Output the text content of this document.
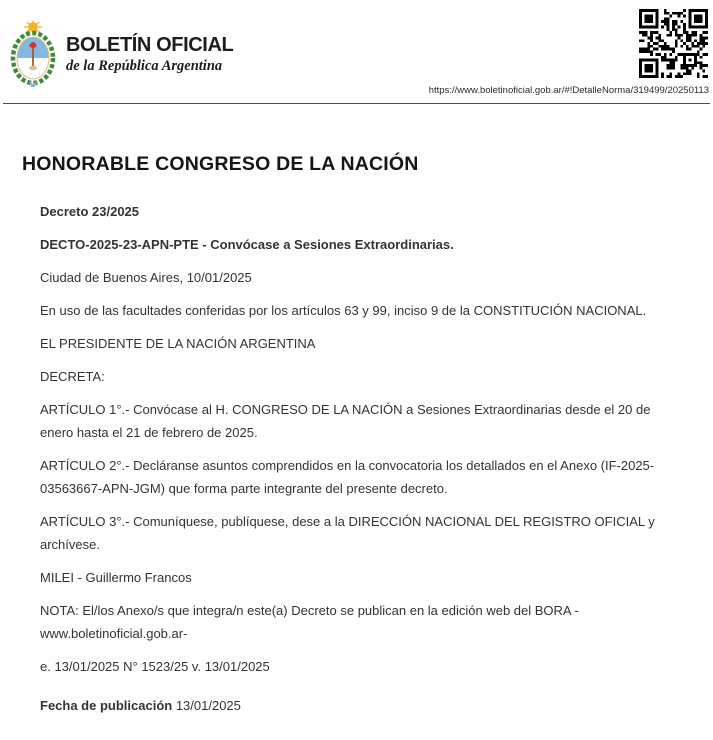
BOLETÍN OFICIAL
de la República Argentina
https://www.boletinoficial.gob.ar/#!DetalleNorma/319499/20250113
HONORABLE CONGRESO DE LA NACIÓN

Decreto 23/2025

DECTO-2025-23-APN-PTE - Convócase a Sesiones Extraordinarias.

Ciudad de Buenos Aires, 10/01/2025

En uso de las facultades conferidas por los artículos 63 y 99, inciso 9 de la CONSTITUCIÓN NACIONAL.

EL PRESIDENTE DE LA NACIÓN ARGENTINA

DECRETA:

ARTÍCULO 1°.- Convócase al H. CONGRESO DE LA NACIÓN a Sesiones Extraordinarias desde el 20 de enero hasta el 21 de febrero de 2025.

ARTÍCULO 2°.- Decláranse asuntos comprendidos en la convocatoria los detallados en el Anexo (IF-2025-03563667-APN-JGM) que forma parte integrante del presente decreto.

ARTÍCULO 3°.- Comuníquese, publíquese, dese a la DIRECCIÓN NACIONAL DEL REGISTRO OFICIAL y archívese.

MILEI - Guillermo Francos

NOTA: El/los Anexo/s que integra/n este(a) Decreto se publican en la edición web del BORA -www.boletinoficial.gob.ar-

e. 13/01/2025 N° 1523/25 v. 13/01/2025

Fecha de publicación 13/01/2025
